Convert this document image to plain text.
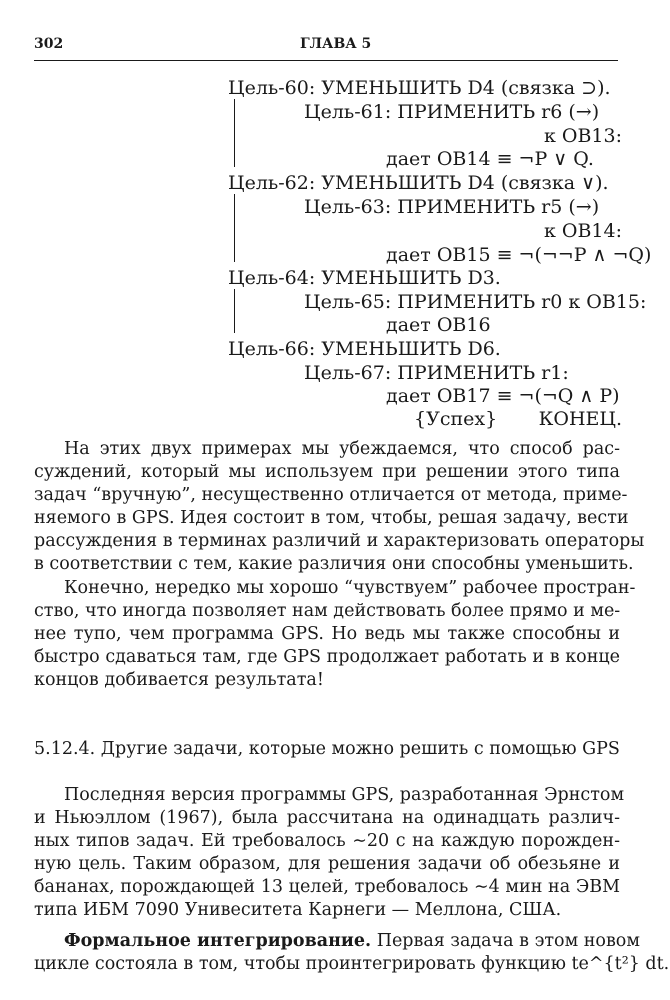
302	ГЛАВА 5
Цель-60: УМЕНЬШИТЬ D4 (связка ⊃).
Цель-61: ПРИМЕНИТЬ r6 (→)
к OB13:
дает OB14 ≡ ¬P ∨ Q.
Цель-62: УМЕНЬШИТЬ D4 (связка ∨).
Цель-63: ПРИМЕНИТЬ r5 (→)
к OB14:
дает OB15 ≡ ¬(¬¬P ∧ ¬Q)
Цель-64: УМЕНЬШИТЬ D3.
Цель-65: ПРИМЕНИТЬ r0 к OB15:
дает OB16
Цель-66: УМЕНЬШИТЬ D6.
Цель-67: ПРИМЕНИТЬ r1:
дает OB17 ≡ ¬(¬Q ∧ P)
{Успех} КОНЕЦ.
На этих двух примерах мы убеждаемся, что способ рас-
суждений, который мы используем при решении этого типа
задач “вручную”, несущественно отличается от метода, приме-
няемого в GPS. Идея состоит в том, чтобы, решая задачу, вести
рассуждения в терминах различий и характеризовать операторы
в соответствии с тем, какие различия они способны уменьшить.
Конечно, нередко мы хорошо “чувствуем” рабочее простран-
ство, что иногда позволяет нам действовать более прямо и ме-
нее тупо, чем программа GPS. Но ведь мы также способны и
быстро сдаваться там, где GPS продолжает работать и в конце
концов добивается результата!
5.12.4. Другие задачи, которые можно решить с помощью GPS
Последняя версия программы GPS, разработанная Эрнстом
и Ньюэллом (1967), была рассчитана на одинадцать различ-
ных типов задач. Ей требовалось ∼20 с на каждую порожден-
ную цель. Таким образом, для решения задачи об обезьяне и
бананах, порождающей 13 целей, требовалось ∼4 мин на ЭВМ
типа ИБМ 7090 Унивеситета Карнеги — Меллона, США.
Формальное интегрирование. Первая задача в этом новом
цикле состояла в том, чтобы проинтегрировать функцию te^{t²} dt.
